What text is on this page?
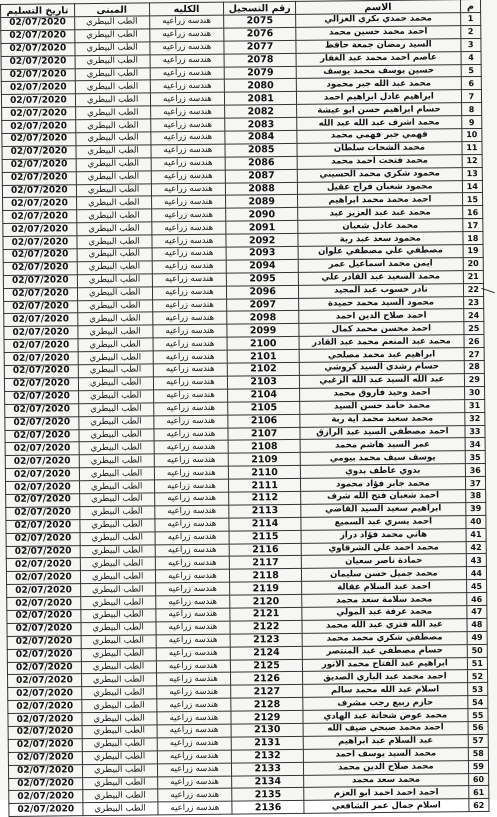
تاريخ التسليم	المبنى	الكليه	رقم التسجيل	الاسم	م
02/07/2020	الطب البيطري	هندسه زراعيه	2075	محمد حمدي بكري الغزالي	1
02/07/2020	الطب البيطري	هندسه زراعيه	2076	احمد محمد حسين محمد	2
02/07/2020	الطب البيطري	هندسه زراعيه	2077	السيد رمضان جمعة حافظ	3
02/07/2020	الطب البيطري	هندسه زراعيه	2078	عاصم احمد محمد عبد الغفار	4
02/07/2020	الطب البيطري	هندسه زراعيه	2079	حسين يوسف محمد يوسف	5
02/07/2020	الطب البيطري	هندسه زراعيه	2080	محمد عبد الله جبر محمود	6
02/07/2020	الطب البيطري	هندسه زراعيه	2081	ابراهيم عادل ابراهيم احمد	7
02/07/2020	الطب البيطري	هندسه زراعيه	2082	حسام ابراهيم حسن ابو عيشة	8
02/07/2020	الطب البيطري	هندسه زراعيه	2083	محمد اشرف عبد الله عبد الله	9
02/07/2020	الطب البيطري	هندسه زراعيه	2084	فهمي جبر فهمي محمد	10
02/07/2020	الطب البيطري	هندسه زراعيه	2085	محمد الشحات سلطان	11
02/07/2020	الطب البيطري	هندسه زراعيه	2086	محمد فتحت احمد محمد	12
02/07/2020	الطب البيطري	هندسه زراعيه	2087	محمود شكري محمد الحسيني	13
02/07/2020	الطب البيطري	هندسه زراعيه	2088	محمود شعبان فراج عقيل	14
02/07/2020	الطب البيطري	هندسه زراعيه	2089	احمد محمد محمد ابراهيم	15
02/07/2020	الطب البيطري	هندسه زراعيه	2090	محمد عبد عبد العزيز عبد	16
02/07/2020	الطب البيطري	هندسه زراعيه	2091	محمد عادل شعبان	17
02/07/2020	الطب البيطري	هندسه زراعيه	2092	محمود سعد عبد ربة	18
02/07/2020	الطب البيطري	هندسه زراعيه	2093	مصطفي علي مصطفي علوان	19
02/07/2020	الطب البيطري	هندسه زراعيه	2094	ايمن محمد اسماعيل عمر	20
02/07/2020	الطب البيطري	هندسه زراعيه	2095	محمد السعيد عبد القادر علي	21
02/07/2020	الطب البيطري	هندسه زراعيه	2096	نادر حسوب عبد المجيد	22
02/07/2020	الطب البيطري	هندسه زراعيه	2097	محمود السيد محمد حميدة	23
02/07/2020	الطب البيطري	هندسه زراعيه	2098	احمد صلاح الدين احمد	24
02/07/2020	الطب البيطري	هندسه زراعيه	2099	احمد محسن محمد كمال	25
02/07/2020	الطب البيطري	هندسه زراعيه	2100	محمد عبد المنعم محمد عبد القادر	26
02/07/2020	الطب البيطري	هندسه زراعيه	2101	ابراهيم عبد محمد مصلحي	27
02/07/2020	الطب البيطري	هندسه زراعيه	2102	حسام رشدي السيد كروشي	28
02/07/2020	الطب البيطري	هندسه زراعيه	2103	عبد الله السيد عبد الله الزغبي	29
02/07/2020	الطب البيطري	هندسه زراعيه	2104	احمد وحيد فاروق محمد	30
02/07/2020	الطب البيطري	هندسه زراعيه	2105	محمد حامد حسن السيد	31
02/07/2020	الطب البيطري	هندسه زراعيه	2106	محمد سعيد محمد اية ربة	32
02/07/2020	الطب البيطري	هندسه زراعيه	2107	احمد مصطفي السيد عبد الرازق	33
02/07/2020	الطب البيطري	هندسه زراعيه	2108	عمر السيد هاشم محمد	34
02/07/2020	الطب البيطري	هندسه زراعيه	2109	يوسف سيف محمد بيومي	35
02/07/2020	الطب البيطري	هندسه زراعيه	2110	بدوي عاطف بدوي	36
02/07/2020	الطب البيطري	هندسه زراعيه	2111	محمد جابر فؤاد محمود	37
02/07/2020	الطب البيطري	هندسه زراعيه	2112	احمد شعبان فتح الله شرف	38
02/07/2020	الطب البيطري	هندسه زراعيه	2113	ابراهيم سعيد السيد القاضي	39
02/07/2020	الطب البيطري	هندسه زراعيه	2114	احمد يسري عبد السميع	40
02/07/2020	الطب البيطري	هندسه زراعيه	2115	هاني محمد فؤاد دراز	41
02/07/2020	الطب البيطري	هندسه زراعيه	2116	محمد احمد علي الشرقاوي	42
02/07/2020	الطب البيطري	هندسه زراعيه	2117	حمادة ناصر سعيان	43
02/07/2020	الطب البيطري	هندسه زراعيه	2118	محمد جميل حسن سليمان	44
02/07/2020	الطب البيطري	هندسه زراعيه	2119	احمد عبد السلام عقالة	45
02/07/2020	الطب البيطري	هندسه زراعيه	2120	محمد سلامة سعد محمد	46
02/07/2020	الطب البيطري	هندسه زراعيه	2121	محمد عرفة عبد المولي	47
02/07/2020	الطب البيطري	هندسه زراعيه	2122	عبد الله فتري عبد الله محمد	48
02/07/2020	الطب البيطري	هندسه زراعيه	2123	مصطفي شكري محمد محمد	49
02/07/2020	الطب البيطري	هندسه زراعيه	2124	حسام مصطفي عبد المنتصر	50
02/07/2020	الطب البيطري	هندسه زراعيه	2125	ابراهيم عبد الفتاح محمد الانور	51
02/07/2020	الطب البيطري	هندسه زراعيه	2126	احمد محمد عبد الباري الصديق	52
02/07/2020	الطب البيطري	هندسه زراعيه	2127	اسلام عبد الله محمد سالم	53
02/07/2020	الطب البيطري	هندسه زراعيه	2128	حازم ربيع رجب مشرف	54
02/07/2020	الطب البيطري	هندسه زراعيه	2129	محمد عوض شحاتة عبد الهادي	55
02/07/2020	الطب البيطري	هندسه زراعيه	2130	احمد محمد صبحي ضيف الله	56
02/07/2020	الطب البيطري	هندسه زراعيه	2131	عبد السلام عبد ابراهيم	57
02/07/2020	الطب البيطري	هندسه زراعيه	2132	محمد السيد يوسف احمد	58
02/07/2020	الطب البيطري	هندسه زراعيه	2133	محمد صلاح الدين محمد	59
02/07/2020	الطب البيطري	هندسه زراعيه	2134	محمد سعد محمد	60
02/07/2020	الطب البيطري	هندسه زراعيه	2135	احمد احمد احمد ابو العزم	61
02/07/2020	الطب البيطري	هندسه زراعيه	2136	اسلام جمال عمر الشافعي	62
